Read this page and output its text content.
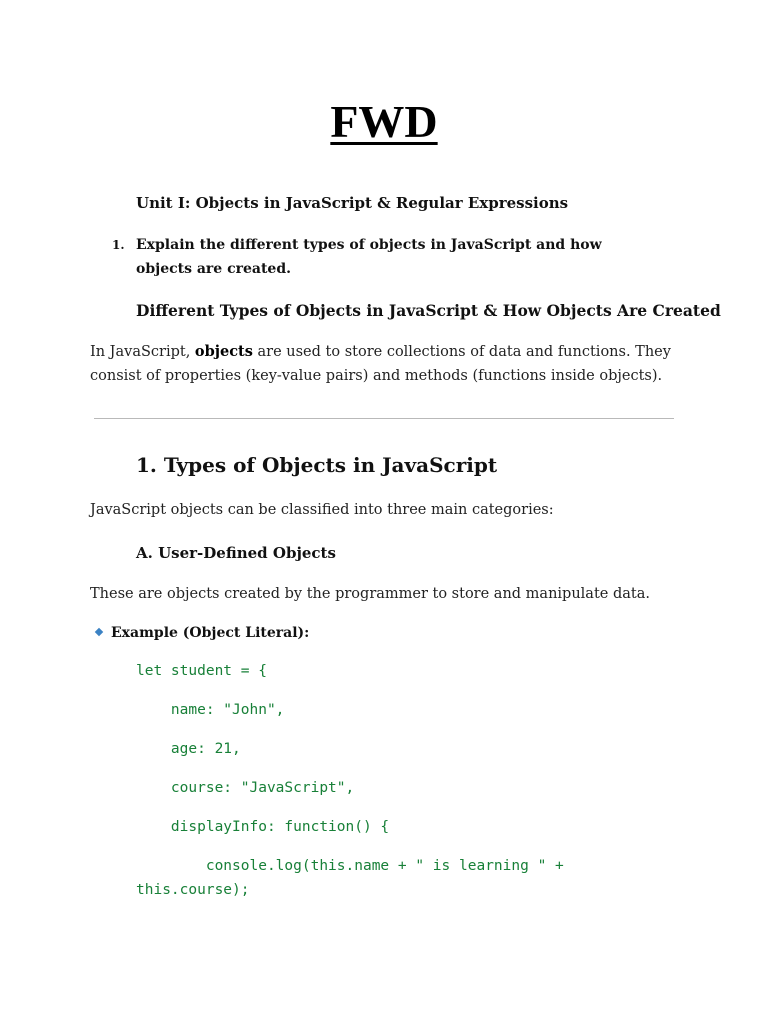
FWD
Unit I: Objects in JavaScript & Regular Expressions
1. Explain the different types of objects in JavaScript and how objects are created.
Different Types of Objects in JavaScript & How Objects Are Created
In JavaScript, objects are used to store collections of data and functions. They consist of properties (key-value pairs) and methods (functions inside objects).
1. Types of Objects in JavaScript
JavaScript objects can be classified into three main categories:
A. User-Defined Objects
These are objects created by the programmer to store and manipulate data.
Example (Object Literal):
let student = {
name: "John",
age: 21,
course: "JavaScript",
displayInfo: function() {
console.log(this.name + " is learning " +
this.course);
